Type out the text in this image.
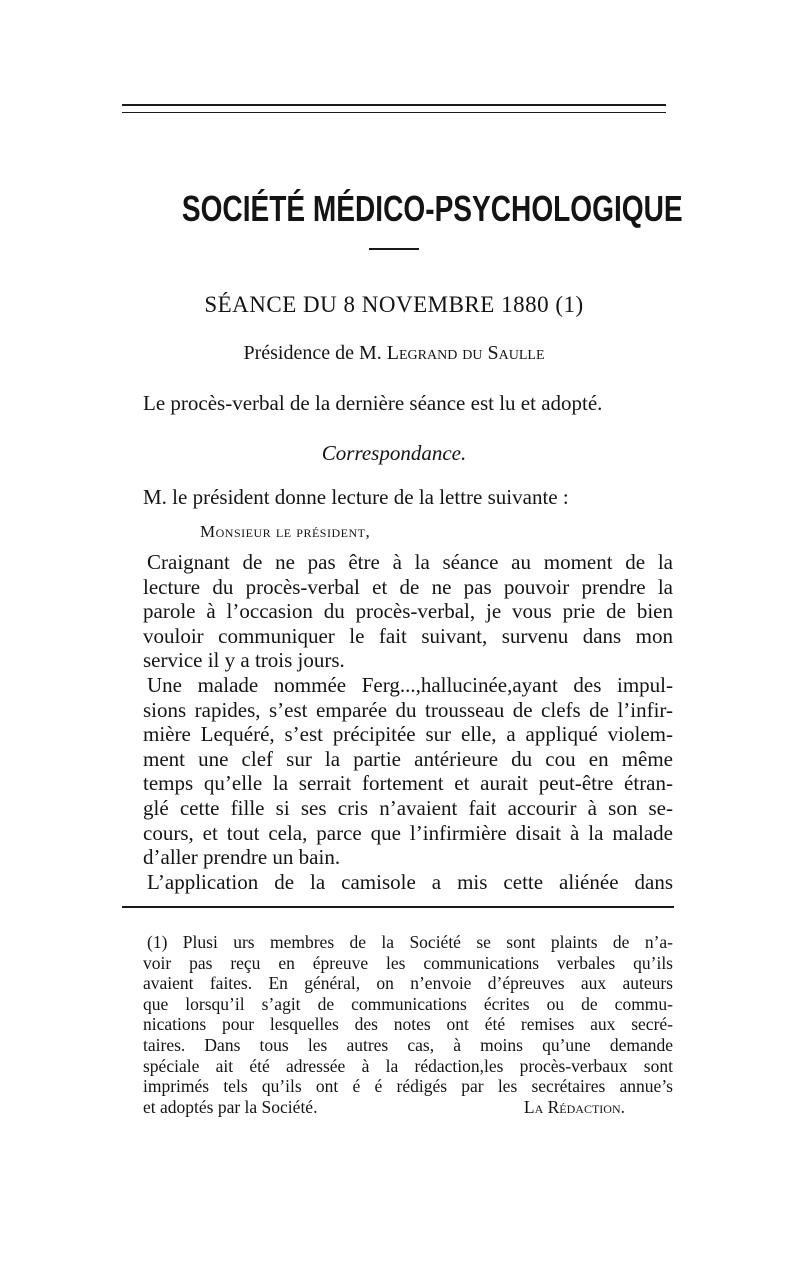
SOCIÉTÉ MÉDICO-PSYCHOLOGIQUE
SÉANCE DU 8 NOVEMBRE 1880 (1)
Présidence de M. Legrand du Saulle
Le procès-verbal de la dernière séance est lu et adopté.
Correspondance.
M. le président donne lecture de la lettre suivante :
Monsieur le président,
Craignant de ne pas être à la séance au moment de la
lecture du procès-verbal et de ne pas pouvoir prendre la
parole à l’occasion du procès-verbal, je vous prie de bien
vouloir communiquer le fait suivant, survenu dans mon
service il y a trois jours.
Une malade nommée Ferg...,hallucinée,ayant des impul-
sions rapides, s’est emparée du trousseau de clefs de l’infir-
mière Lequéré, s’est précipitée sur elle, a appliqué violem-
ment une clef sur la partie antérieure du cou en même
temps qu’elle la serrait fortement et aurait peut-être étran-
glé cette fille si ses cris n’avaient fait accourir à son se-
cours, et tout cela, parce que l’infirmière disait à la malade
d’aller prendre un bain.
L’application de la camisole a mis cette aliénée dans
(1) Plusi urs membres de la Société se sont plaints de n’a-
voir pas reçu en épreuve les communications verbales qu’ils
avaient faites. En général, on n’envoie d’épreuves aux auteurs
que lorsqu’il s’agit de communications écrites ou de commu-
nications pour lesquelles des notes ont été remises aux secré-
taires. Dans tous les autres cas, à moins qu’une demande
spéciale ait été adressée à la rédaction,les procès-verbaux sont
imprimés tels qu’ils ont é é rédigés par les secrétaires annue’s
et adoptés par la Société.	La Rédaction.
